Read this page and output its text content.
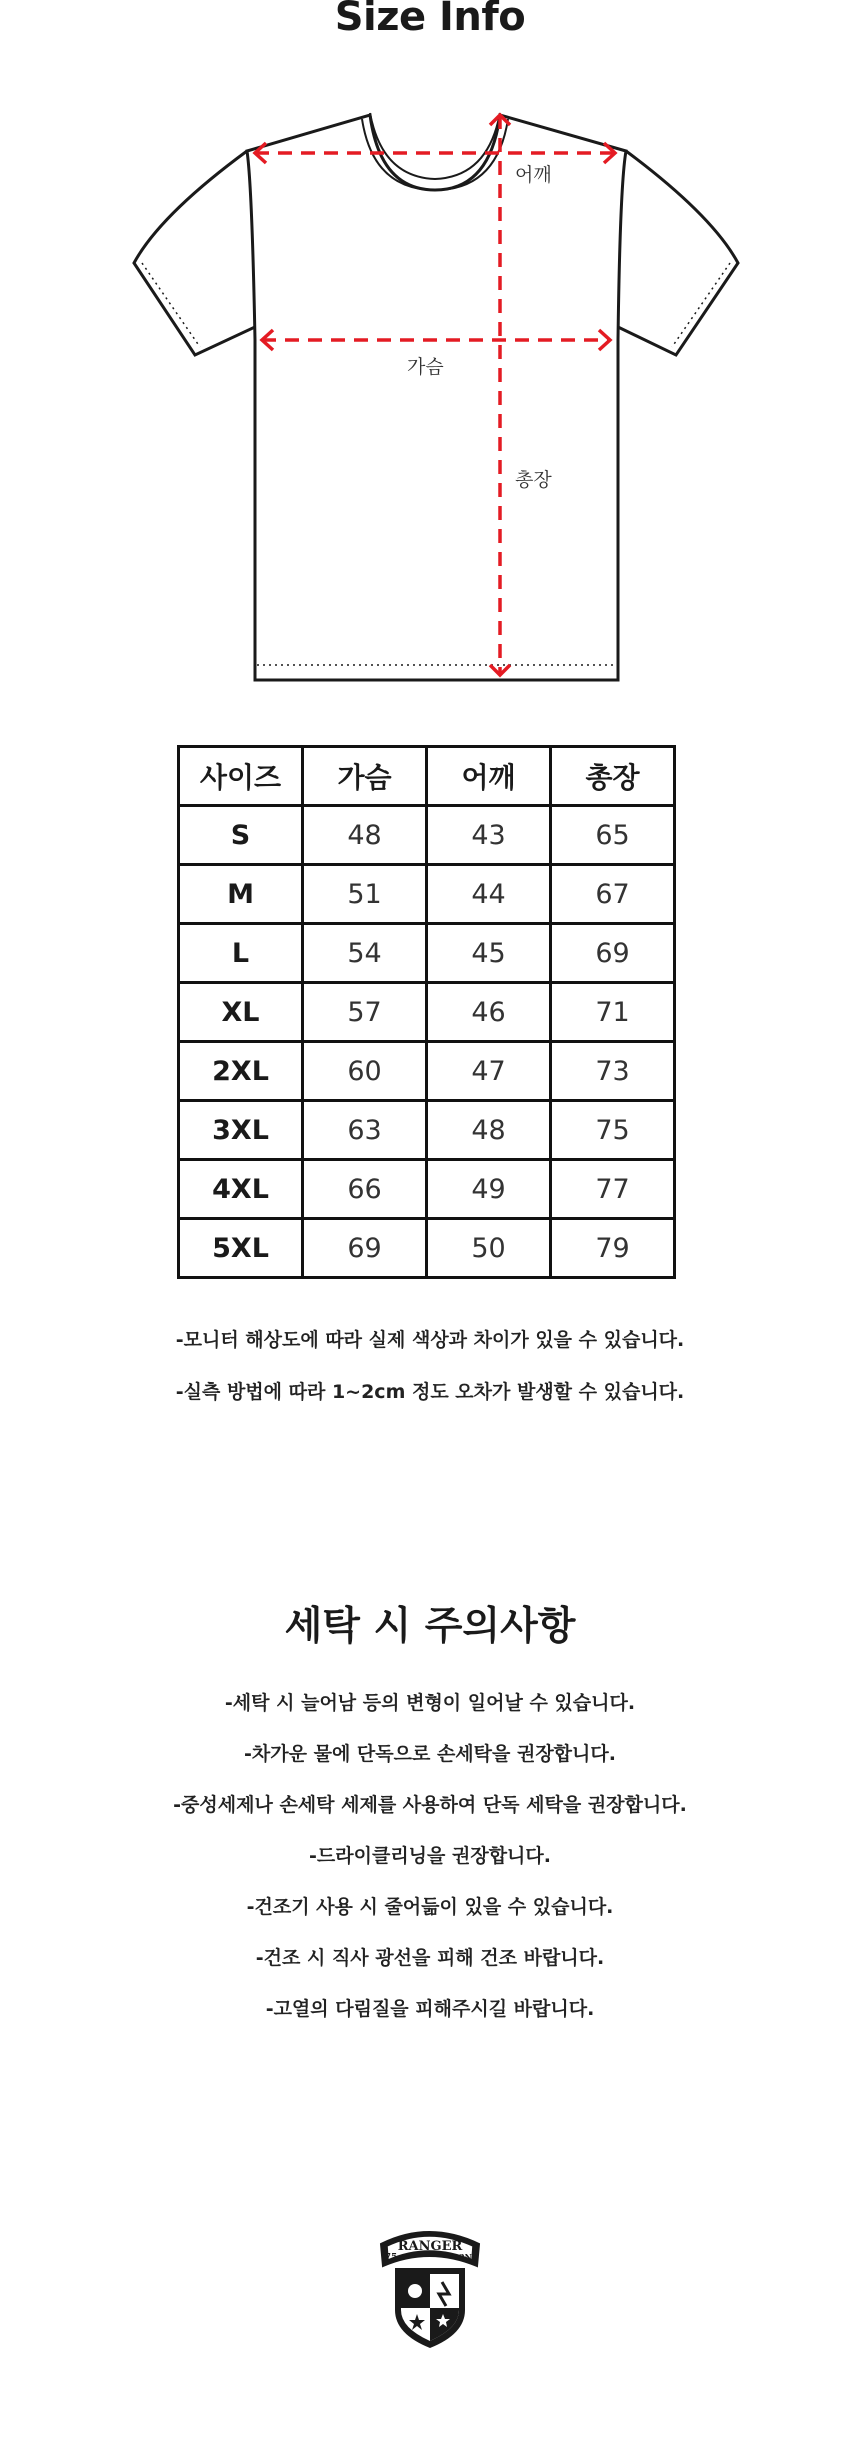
Size Info
어깨
가슴
총장
사이즈	가슴	어깨	총장
S	48	43	65
M	51	44	67
L	54	45	69
XL	57	46	71
2XL	60	47	73
3XL	63	48	75
4XL	66	49	77
5XL	69	50	79
-모니터 해상도에 따라 실제 색상과 차이가 있을 수 있습니다.
-실측 방법에 따라 1~2cm 정도 오차가 발생할 수 있습니다.
세탁 시 주의사항
-세탁 시 늘어남 등의 변형이 일어날 수 있습니다.
-차가운 물에 단독으로 손세탁을 권장합니다.
-중성세제나 손세탁 세제를 사용하여 단독 세탁을 권장합니다.
-드라이클리닝을 권장합니다.
-건조기 사용 시 줄어듦이 있을 수 있습니다.
-건조 시 직사 광선을 피해 건조 바랍니다.
-고열의 다림질을 피해주시길 바랍니다.
RANGER
75	2ND
